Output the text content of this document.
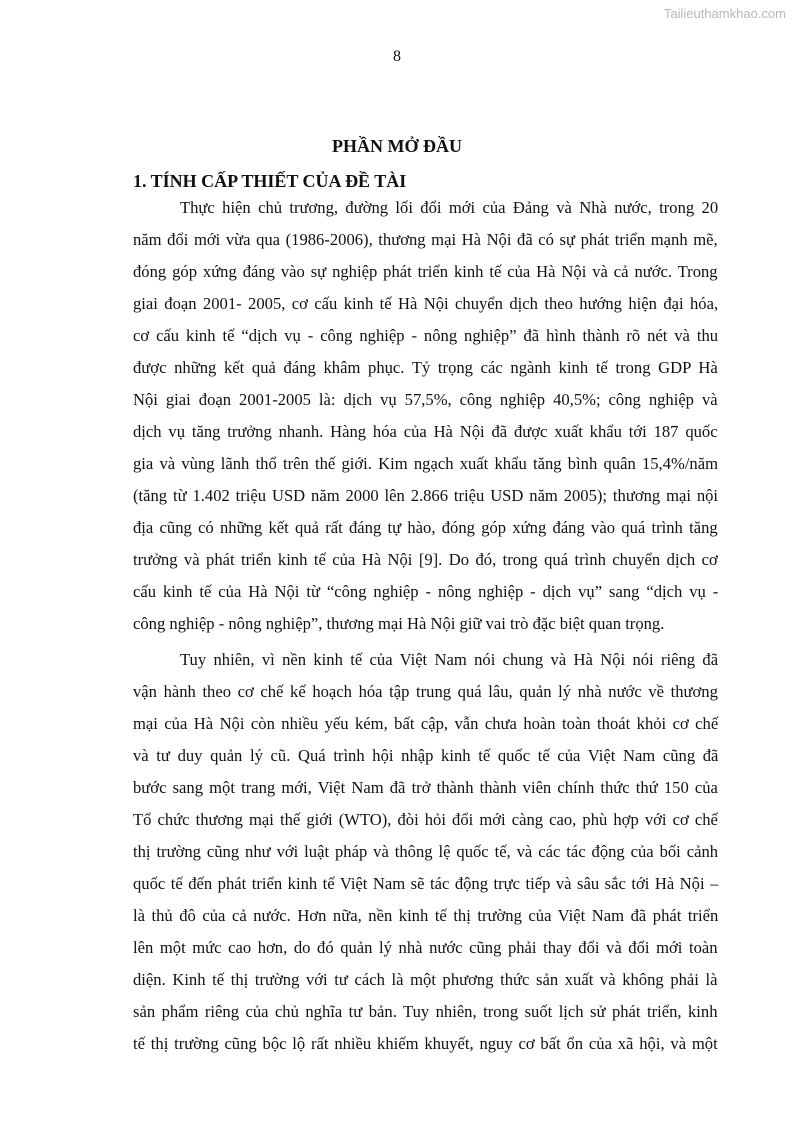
Tailieuthamkhao.com
8
PHẦN MỞ ĐẦU
1. TÍNH CẤP THIẾT CỦA ĐỀ TÀI
Thực hiện chủ trương, đường lối đổi mới của Đảng và Nhà nước, trong 20
năm đổi mới vừa qua (1986-2006), thương mại Hà Nội đã có sự phát triển mạnh mẽ,
đóng góp xứng đáng vào sự nghiệp phát triển kinh tế của Hà Nội và cả nước. Trong
giai đoạn 2001- 2005, cơ cấu kinh tế Hà Nội chuyển dịch theo hướng hiện đại hóa,
cơ cấu kinh tế “dịch vụ - công nghiệp - nông nghiệp” đã hình thành rõ nét và thu
được những kết quả đáng khâm phục. Tỷ trọng các ngành kinh tế trong GDP Hà
Nội giai đoạn 2001-2005 là: dịch vụ 57,5%, công nghiệp 40,5%; công nghiệp và
dịch vụ tăng trưởng nhanh. Hàng hóa của Hà Nội đã được xuất khẩu tới 187 quốc
gia và vùng lãnh thổ trên thế giới. Kim ngạch xuất khẩu tăng bình quân 15,4%/năm
(tăng từ 1.402 triệu USD năm 2000 lên 2.866 triệu USD năm 2005); thương mại nội
địa cũng có những kết quả rất đáng tự hào, đóng góp xứng đáng vào quá trình tăng
trưởng và phát triển kinh tế của Hà Nội [9]. Do đó, trong quá trình chuyển dịch cơ
cấu kinh tế của Hà Nội từ “công nghiệp - nông nghiệp - dịch vụ” sang “dịch vụ -
công nghiệp - nông nghiệp”, thương mại Hà Nội giữ vai trò đặc biệt quan trọng.
Tuy nhiên, vì nền kinh tế của Việt Nam nói chung và Hà Nội nói riêng đã
vận hành theo cơ chế kế hoạch hóa tập trung quá lâu, quản lý nhà nước về thương
mại của Hà Nội còn nhiều yếu kém, bất cập, vẫn chưa hoàn toàn thoát khỏi cơ chế
và tư duy quản lý cũ. Quá trình hội nhập kinh tế quốc tế của Việt Nam cũng đã
bước sang một trang mới, Việt Nam đã trở thành thành viên chính thức thứ 150 của
Tổ chức thương mại thế giới (WTO), đòi hỏi đổi mới càng cao, phù hợp với cơ chế
thị trường cũng như với luật pháp và thông lệ quốc tế, và các tác động của bối cảnh
quốc tế đến phát triển kinh tế Việt Nam sẽ tác động trực tiếp và sâu sắc tới Hà Nội –
là thủ đô của cả nước. Hơn nữa, nền kinh tế thị trường của Việt Nam đã phát triển
lên một mức cao hơn, do đó quản lý nhà nước cũng phải thay đổi và đổi mới toàn
diện. Kinh tế thị trường với tư cách là một phương thức sản xuất và không phải là
sản phẩm riêng của chủ nghĩa tư bản. Tuy nhiên, trong suốt lịch sử phát triển, kinh
tế thị trường cũng bộc lộ rất nhiều khiếm khuyết, nguy cơ bất ổn của xã hội, và một
